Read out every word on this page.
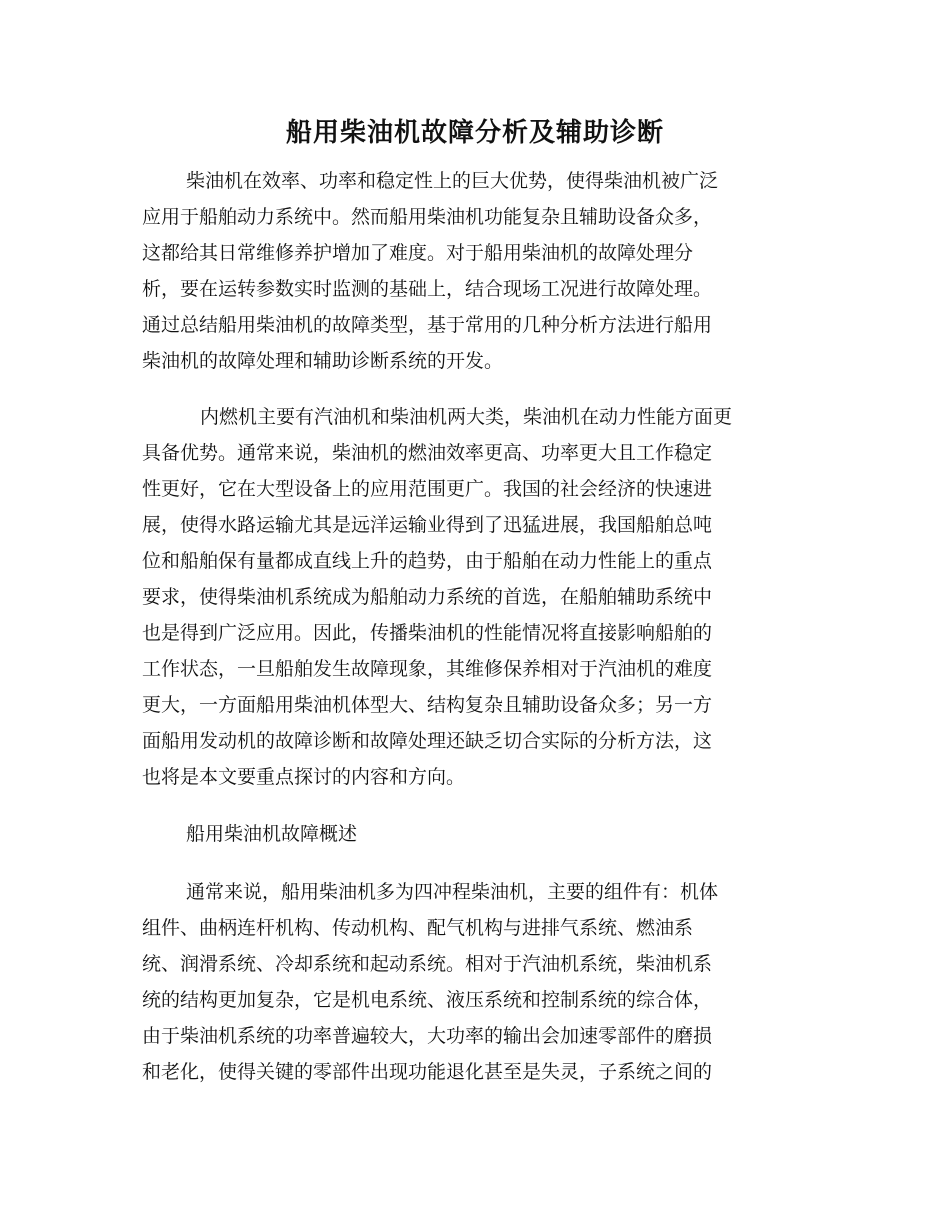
船用柴油机故障分析及辅助诊断

柴油机在效率、功率和稳定性上的巨大优势，使得柴油机被广泛

应用于船舶动力系统中。然而船用柴油机功能复杂且辅助设备众多，

这都给其日常维修养护增加了难度。对于船用柴油机的故障处理分

析，要在运转参数实时监测的基础上，结合现场工况进行故障处理。

通过总结船用柴油机的故障类型，基于常用的几种分析方法进行船用

柴油机的故障处理和辅助诊断系统的开发。

内燃机主要有汽油机和柴油机两大类，柴油机在动力性能方面更

具备优势。通常来说，柴油机的燃油效率更高、功率更大且工作稳定

性更好，它在大型设备上的应用范围更广。我国的社会经济的快速进

展，使得水路运输尤其是远洋运输业得到了迅猛进展，我国船舶总吨

位和船舶保有量都成直线上升的趋势，由于船舶在动力性能上的重点

要求，使得柴油机系统成为船舶动力系统的首选，在船舶辅助系统中

也是得到广泛应用。因此，传播柴油机的性能情况将直接影响船舶的

工作状态，一旦船舶发生故障现象，其维修保养相对于汽油机的难度

更大，一方面船用柴油机体型大、结构复杂且辅助设备众多；另一方

面船用发动机的故障诊断和故障处理还缺乏切合实际的分析方法，这

也将是本文要重点探讨的内容和方向。

船用柴油机故障概述

通常来说，船用柴油机多为四冲程柴油机，主要的组件有：机体

组件、曲柄连杆机构、传动机构、配气机构与进排气系统、燃油系

统、润滑系统、冷却系统和起动系统。相对于汽油机系统，柴油机系

统的结构更加复杂，它是机电系统、液压系统和控制系统的综合体，

由于柴油机系统的功率普遍较大，大功率的输出会加速零部件的磨损

和老化，使得关键的零部件出现功能退化甚至是失灵，子系统之间的
